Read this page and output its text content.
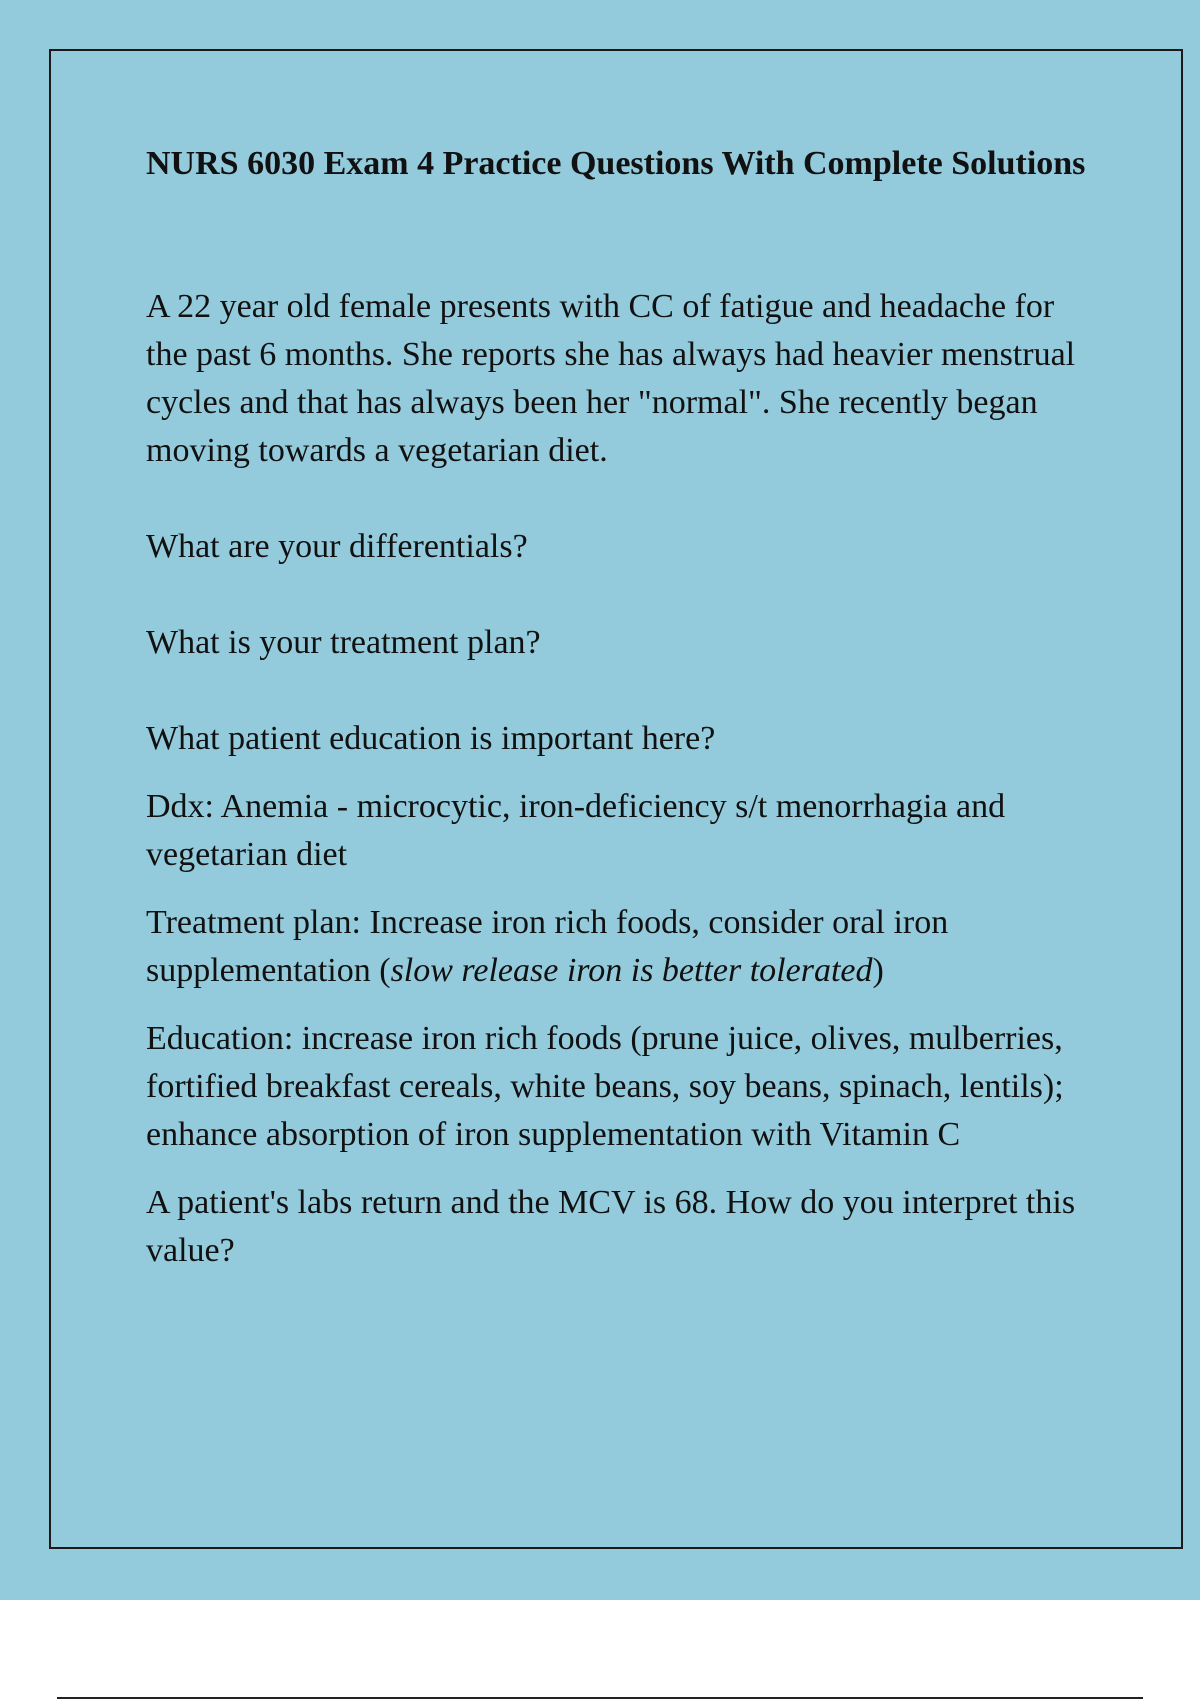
NURS 6030 Exam 4 Practice Questions With Complete Solutions

A 22 year old female presents with CC of fatigue and headache for the past 6 months. She reports she has always had heavier menstrual cycles and that has always been her "normal". She recently began moving towards a vegetarian diet.

What are your differentials?

What is your treatment plan?

What patient education is important here?

Ddx: Anemia - microcytic, iron-deficiency s/t menorrhagia and vegetarian diet

Treatment plan: Increase iron rich foods, consider oral iron supplementation (slow release iron is better tolerated)

Education: increase iron rich foods (prune juice, olives, mulberries, fortified breakfast cereals, white beans, soy beans, spinach, lentils); enhance absorption of iron supplementation with Vitamin C

A patient's labs return and the MCV is 68. How do you interpret this value?
